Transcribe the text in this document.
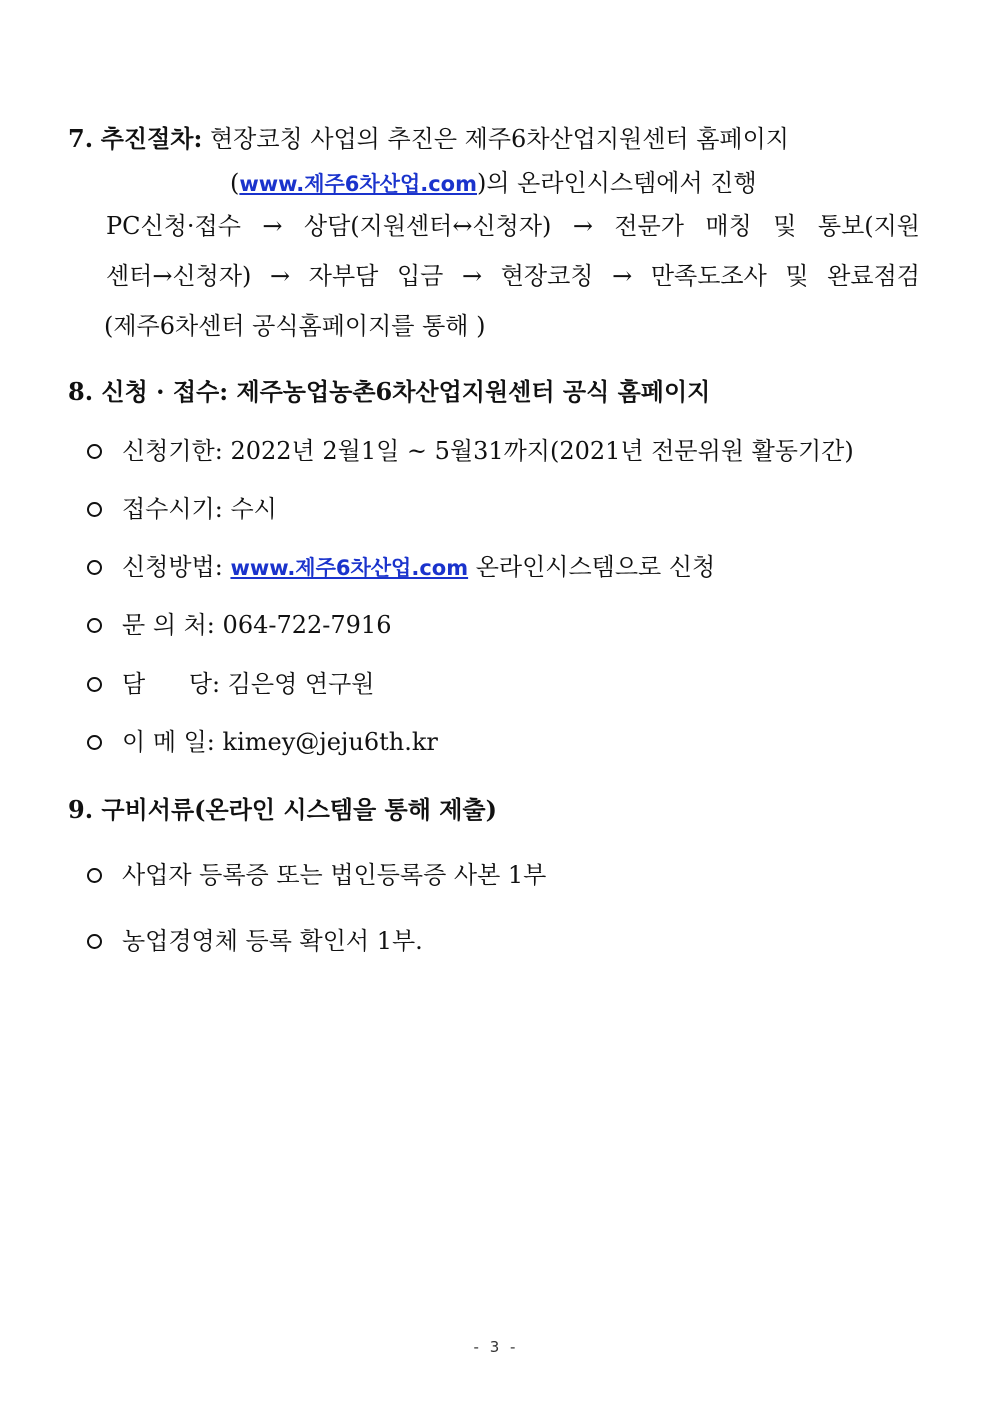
7. 추진절차: 현장코칭 사업의 추진은 제주6차산업지원센터 홈페이지
(www.제주6차산업.com)의 온라인시스템에서 진행
PC신청·접수 → 상담(지원센터↔신청자) → 전문가 매칭 및 통보(지원
센터→신청자) → 자부담 입금 → 현장코칭 → 만족도조사 및 완료점검
(제주6차센터 공식홈페이지를 통해 )
8. 신청 · 접수: 제주농업농촌6차산업지원센터 공식 홈페이지
신청기한: 2022년 2월1일 ~ 5월31까지(2021년 전문위원 활동기간)
접수시기: 수시
신청방법: www.제주6차산업.com 온라인시스템으로 신청
문 의 처: 064-722-7916
담 당: 김은영 연구원
이 메 일: kimey@jeju6th.kr
9. 구비서류(온라인 시스템을 통해 제출)
사업자 등록증 또는 법인등록증 사본 1부
농업경영체 등록 확인서 1부.
- 3 -
